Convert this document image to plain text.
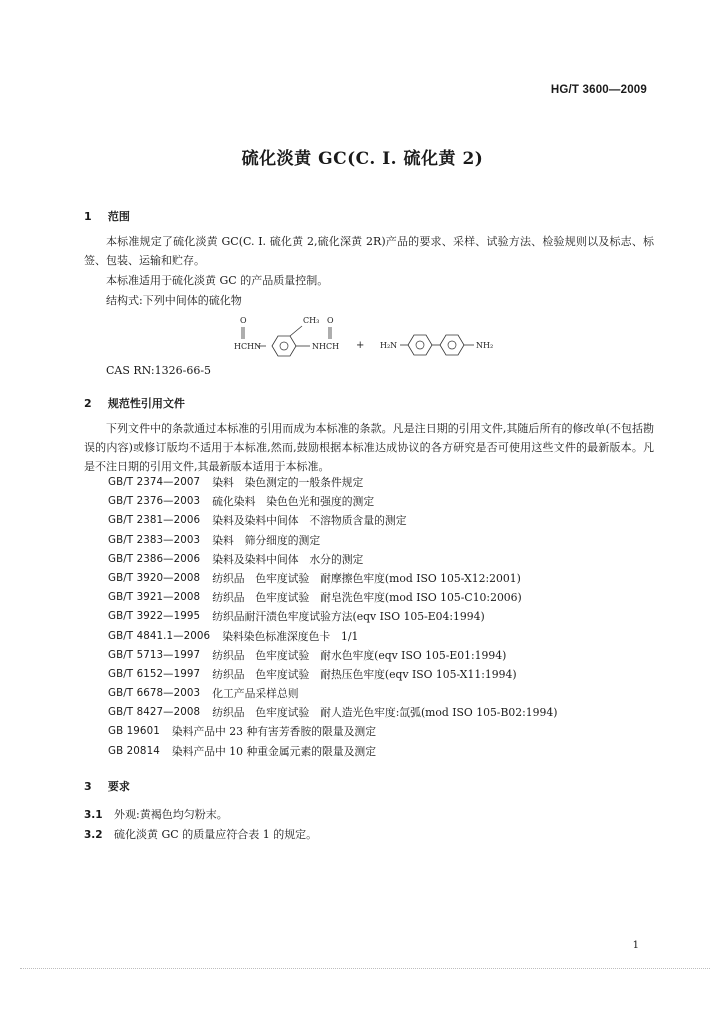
HG/T 3600—2009
硫化淡黄 GC(C. I. 硫化黄 2)
1 范围
本标准规定了硫化淡黄 GC(C. I. 硫化黄 2,硫化深黄 2R)产品的要求、采样、试验方法、检验规则以及标志、标签、包装、运输和贮存。
本标准适用于硫化淡黄 GC 的产品质量控制。
结构式:下列中间体的硫化物
O	CH₃ O
HCHN	NHCH + H₂N	NH₂
CAS RN:1326-66-5
2 规范性引用文件
下列文件中的条款通过本标准的引用而成为本标准的条款。凡是注日期的引用文件,其随后所有的修改单(不包括勘误的内容)或修订版均不适用于本标准,然而,鼓励根据本标准达成协议的各方研究是否可使用这些文件的最新版本。凡是不注日期的引用文件,其最新版本适用于本标准。
GB/T 2374—2007 染料　染色测定的一般条件规定
GB/T 2376—2003 硫化染料　染色色光和强度的测定
GB/T 2381—2006 染料及染料中间体　不溶物质含量的测定
GB/T 2383—2003 染料　筛分细度的测定
GB/T 2386—2006 染料及染料中间体　水分的测定
GB/T 3920—2008 纺织品　色牢度试验　耐摩擦色牢度(mod ISO 105-X12:2001)
GB/T 3921—2008 纺织品　色牢度试验　耐皂洗色牢度(mod ISO 105-C10:2006)
GB/T 3922—1995 纺织品耐汗渍色牢度试验方法(eqv ISO 105-E04:1994)
GB/T 4841.1—2006 染料染色标准深度色卡　1/1
GB/T 5713—1997 纺织品　色牢度试验　耐水色牢度(eqv ISO 105-E01:1994)
GB/T 6152—1997 纺织品　色牢度试验　耐热压色牢度(eqv ISO 105-X11:1994)
GB/T 6678—2003 化工产品采样总则
GB/T 8427—2008 纺织品　色牢度试验　耐人造光色牢度:氙弧(mod ISO 105-B02:1994)
GB 19601 染料产品中 23 种有害芳香胺的限量及测定
GB 20814 染料产品中 10 种重金属元素的限量及测定
3 要求
3.1 外观:黄褐色均匀粉末。
3.2 硫化淡黄 GC 的质量应符合表 1 的规定。
1
